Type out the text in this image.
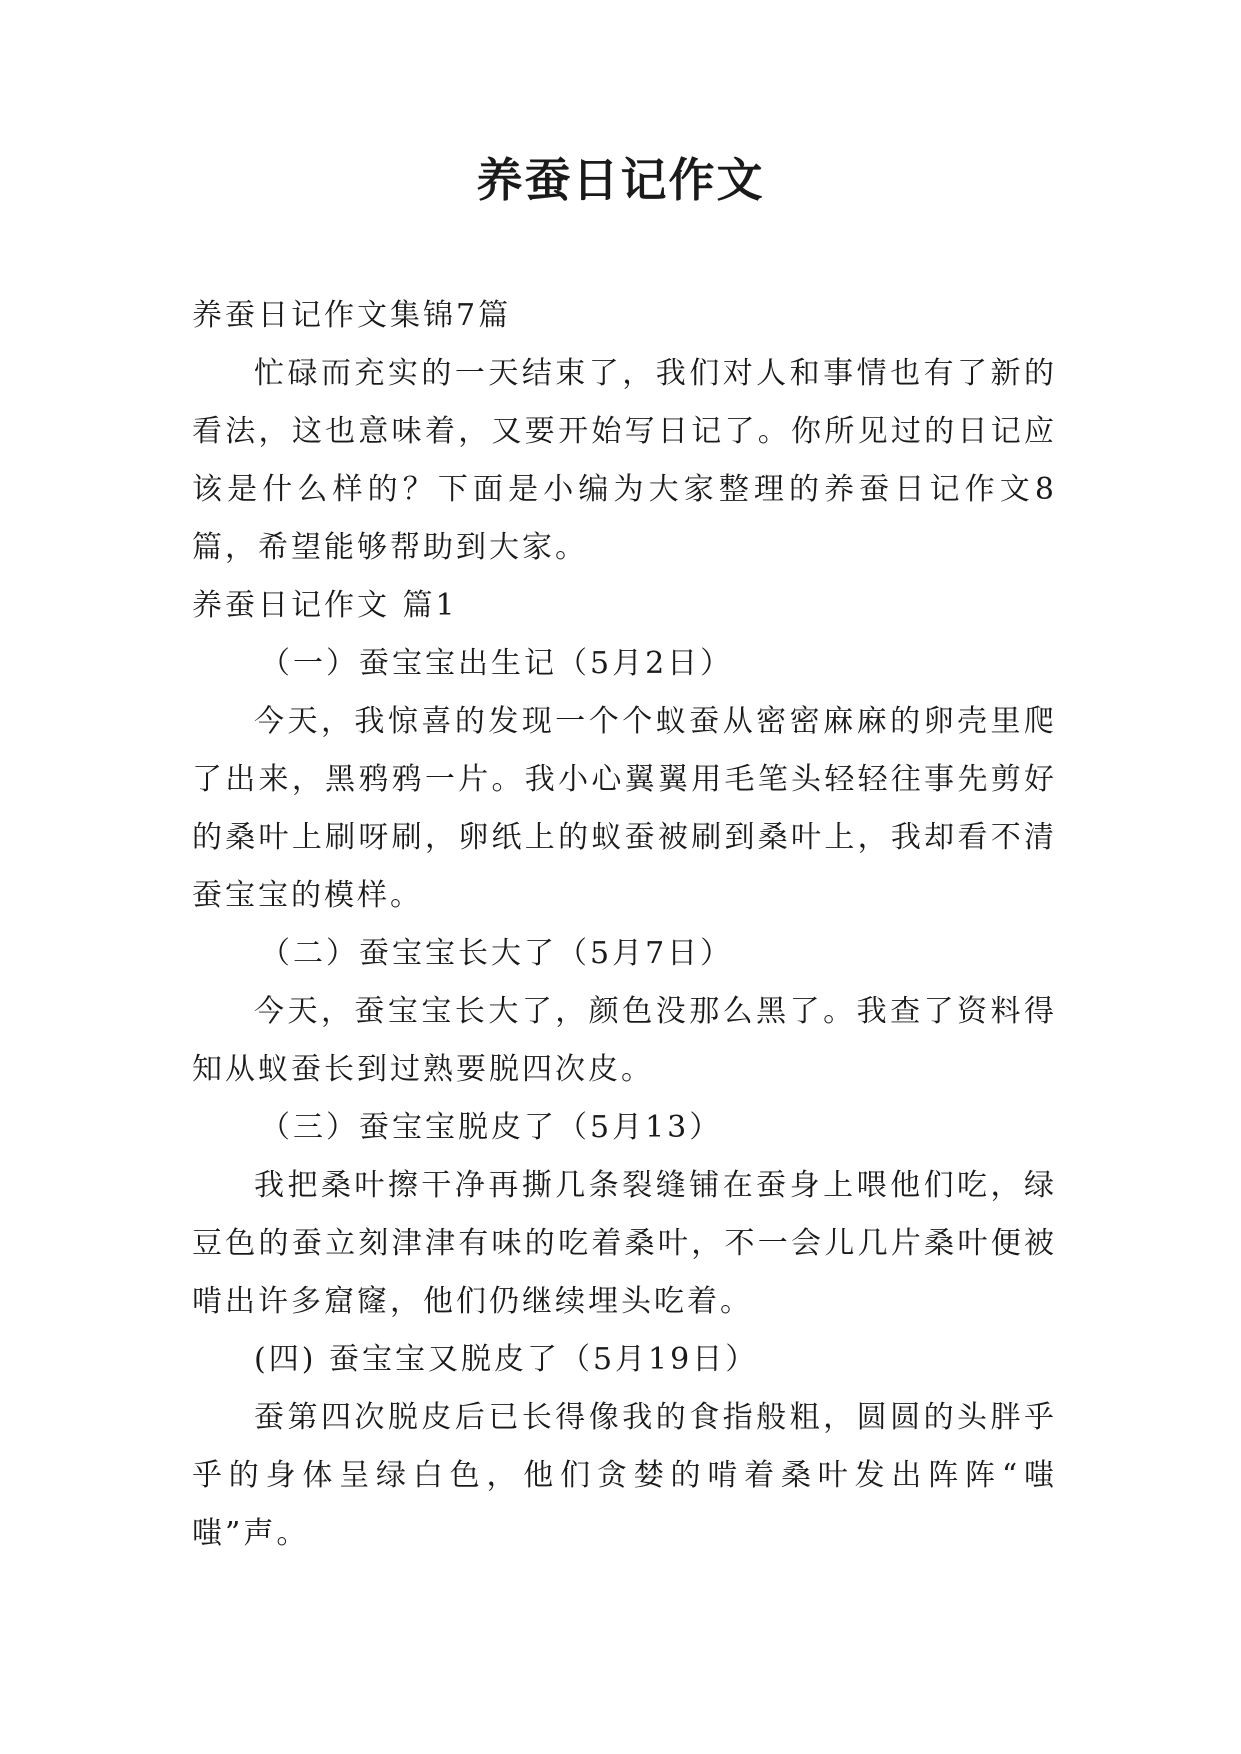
养蚕日记作文
养蚕日记作文集锦7篇
忙碌而充实的一天结束了，我们对人和事情也有了新的看法，这也意味着，又要开始写日记了。你所见过的日记应该是什么样的？下面是小编为大家整理的养蚕日记作文8篇，希望能够帮助到大家。
养蚕日记作文 篇1
（一）蚕宝宝出生记（5月2日）
今天，我惊喜的发现一个个蚁蚕从密密麻麻的卵壳里爬了出来，黑鸦鸦一片。我小心翼翼用毛笔头轻轻往事先剪好的桑叶上刷呀刷，卵纸上的蚁蚕被刷到桑叶上，我却看不清蚕宝宝的模样。
（二）蚕宝宝长大了（5月7日）
今天，蚕宝宝长大了，颜色没那么黑了。我查了资料得知从蚁蚕长到过熟要脱四次皮。
（三）蚕宝宝脱皮了（5月13）
我把桑叶擦干净再撕几条裂缝铺在蚕身上喂他们吃，绿豆色的蚕立刻津津有味的吃着桑叶，不一会儿几片桑叶便被啃出许多窟窿，他们仍继续埋头吃着。
(四) 蚕宝宝又脱皮了（5月19日）
蚕第四次脱皮后已长得像我的食指般粗，圆圆的头胖乎乎的身体呈绿白色，他们贪婪的啃着桑叶发出阵阵“嗤嗤”声。
